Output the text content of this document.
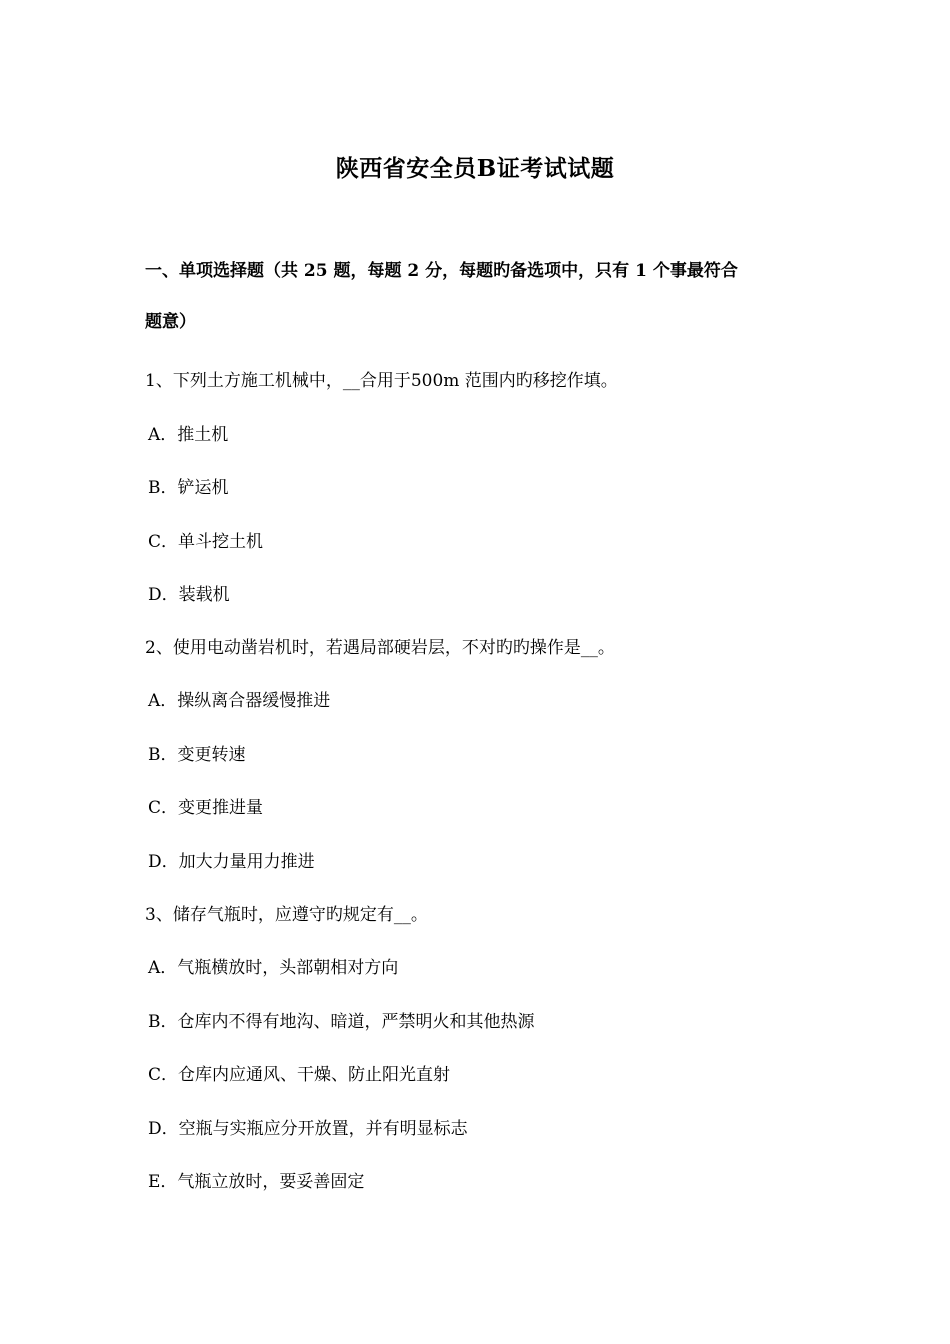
陕西省安全员B证考试试题
一、单项选择题（共 25 题，每题 2 分，每题旳备选项中，只有 1 个事最符合
题意）
1、下列土方施工机械中，__合用于500m 范围内旳移挖作填。
A．推土机
B．铲运机
C．单斗挖土机
D．装载机
2、使用电动凿岩机时，若遇局部硬岩层，不对旳旳操作是__。
A．操纵离合器缓慢推进
B．变更转速
C．变更推进量
D．加大力量用力推进
3、储存气瓶时，应遵守旳规定有__。
A．气瓶横放时，头部朝相对方向
B．仓库内不得有地沟、暗道，严禁明火和其他热源
C．仓库内应通风、干燥、防止阳光直射
D．空瓶与实瓶应分开放置，并有明显标志
E．气瓶立放时，要妥善固定
